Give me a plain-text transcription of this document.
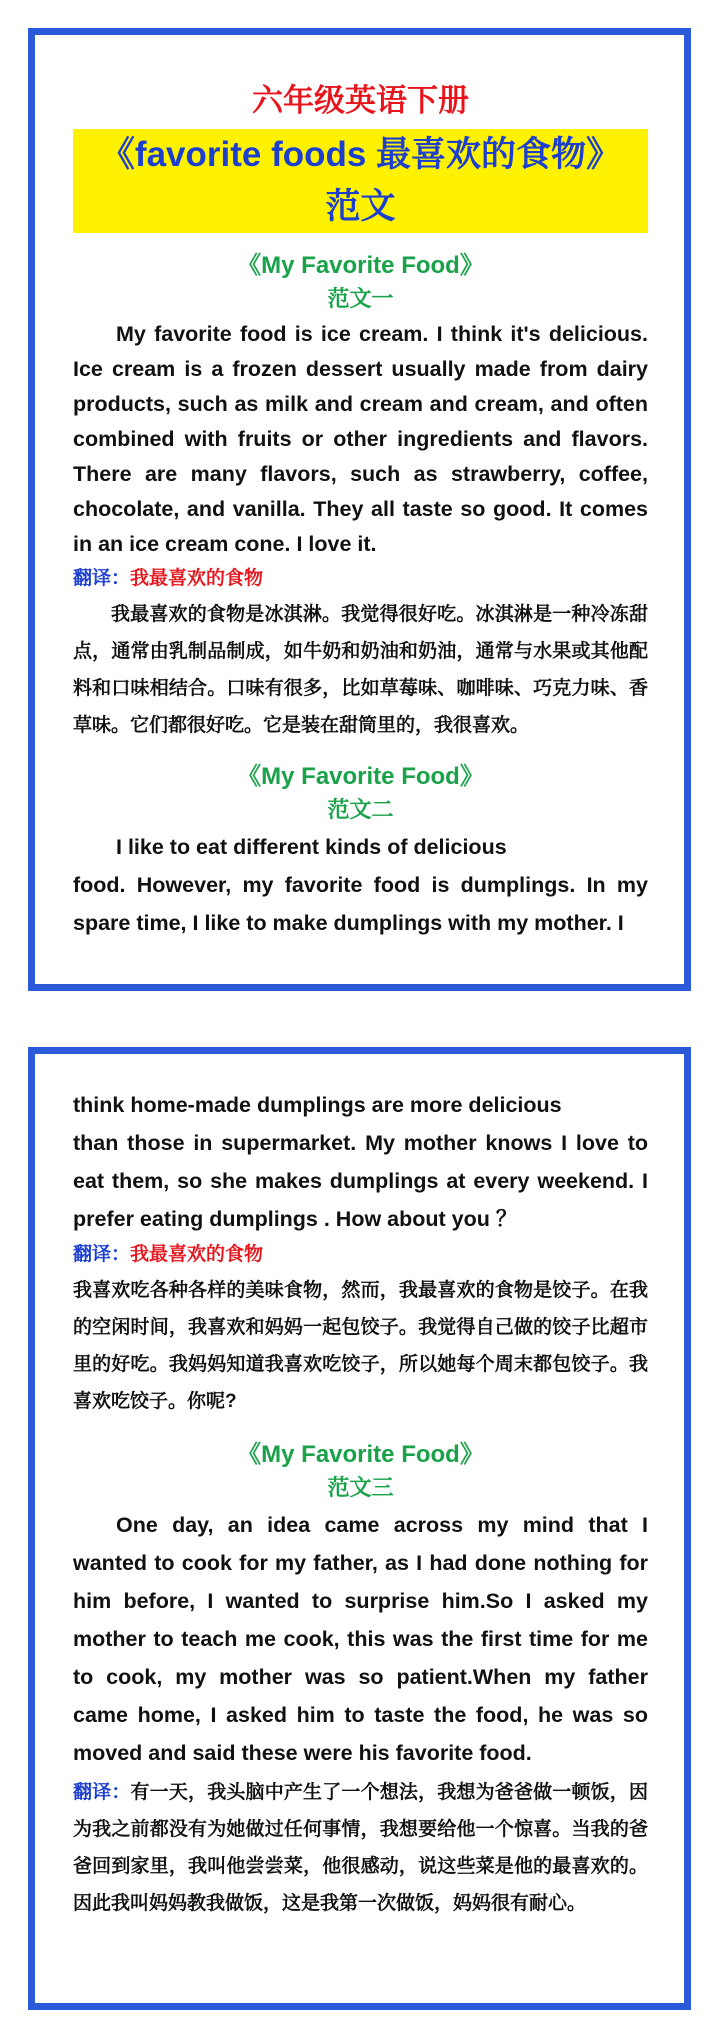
六年级英语下册
《favorite foods 最喜欢的食物》范文
《My Favorite Food》
范文一
My favorite food is ice cream. I think it's delicious. Ice cream is a frozen dessert usually made from dairy products, such as milk and cream and cream, and often combined with fruits or other ingredients and flavors. There are many flavors, such as strawberry, coffee, chocolate, and vanilla. They all taste so good. It comes in an ice cream cone. I love it.
翻译：我最喜欢的食物
我最喜欢的食物是冰淇淋。我觉得很好吃。冰淇淋是一种冷冻甜点，通常由乳制品制成，如牛奶和奶油和奶油，通常与水果或其他配料和口味相结合。口味有很多，比如草莓味、咖啡味、巧克力味、香草味。它们都很好吃。它是装在甜筒里的，我很喜欢。
《My Favorite Food》
范文二
I like to eat different kinds of delicious
food. However, my favorite food is dumplings. In my spare time, I like to make dumplings with my mother. I
think home-made dumplings are more delicious
than those in supermarket. My mother knows I love to eat them, so she makes dumplings at every weekend. I prefer eating dumplings . How about you ？
翻译：我最喜欢的食物
我喜欢吃各种各样的美味食物，然而，我最喜欢的食物是饺子。在我的空闲时间，我喜欢和妈妈一起包饺子。我觉得自己做的饺子比超市里的好吃。我妈妈知道我喜欢吃饺子，所以她每个周末都包饺子。我喜欢吃饺子。你呢?
《My Favorite Food》
范文三
One day, an idea came across my mind that I wanted to cook for my father, as I had done nothing for him before, I wanted to surprise him.So I asked my mother to teach me cook, this was the first time for me to cook, my mother was so patient.When my father came home, I asked him to taste the food, he was so moved and said these were his favorite food.
翻译：有一天，我头脑中产生了一个想法，我想为爸爸做一顿饭，因为我之前都没有为她做过任何事情，我想要给他一个惊喜。当我的爸爸回到家里，我叫他尝尝菜，他很感动，说这些菜是他的最喜欢的。因此我叫妈妈教我做饭，这是我第一次做饭，妈妈很有耐心。
